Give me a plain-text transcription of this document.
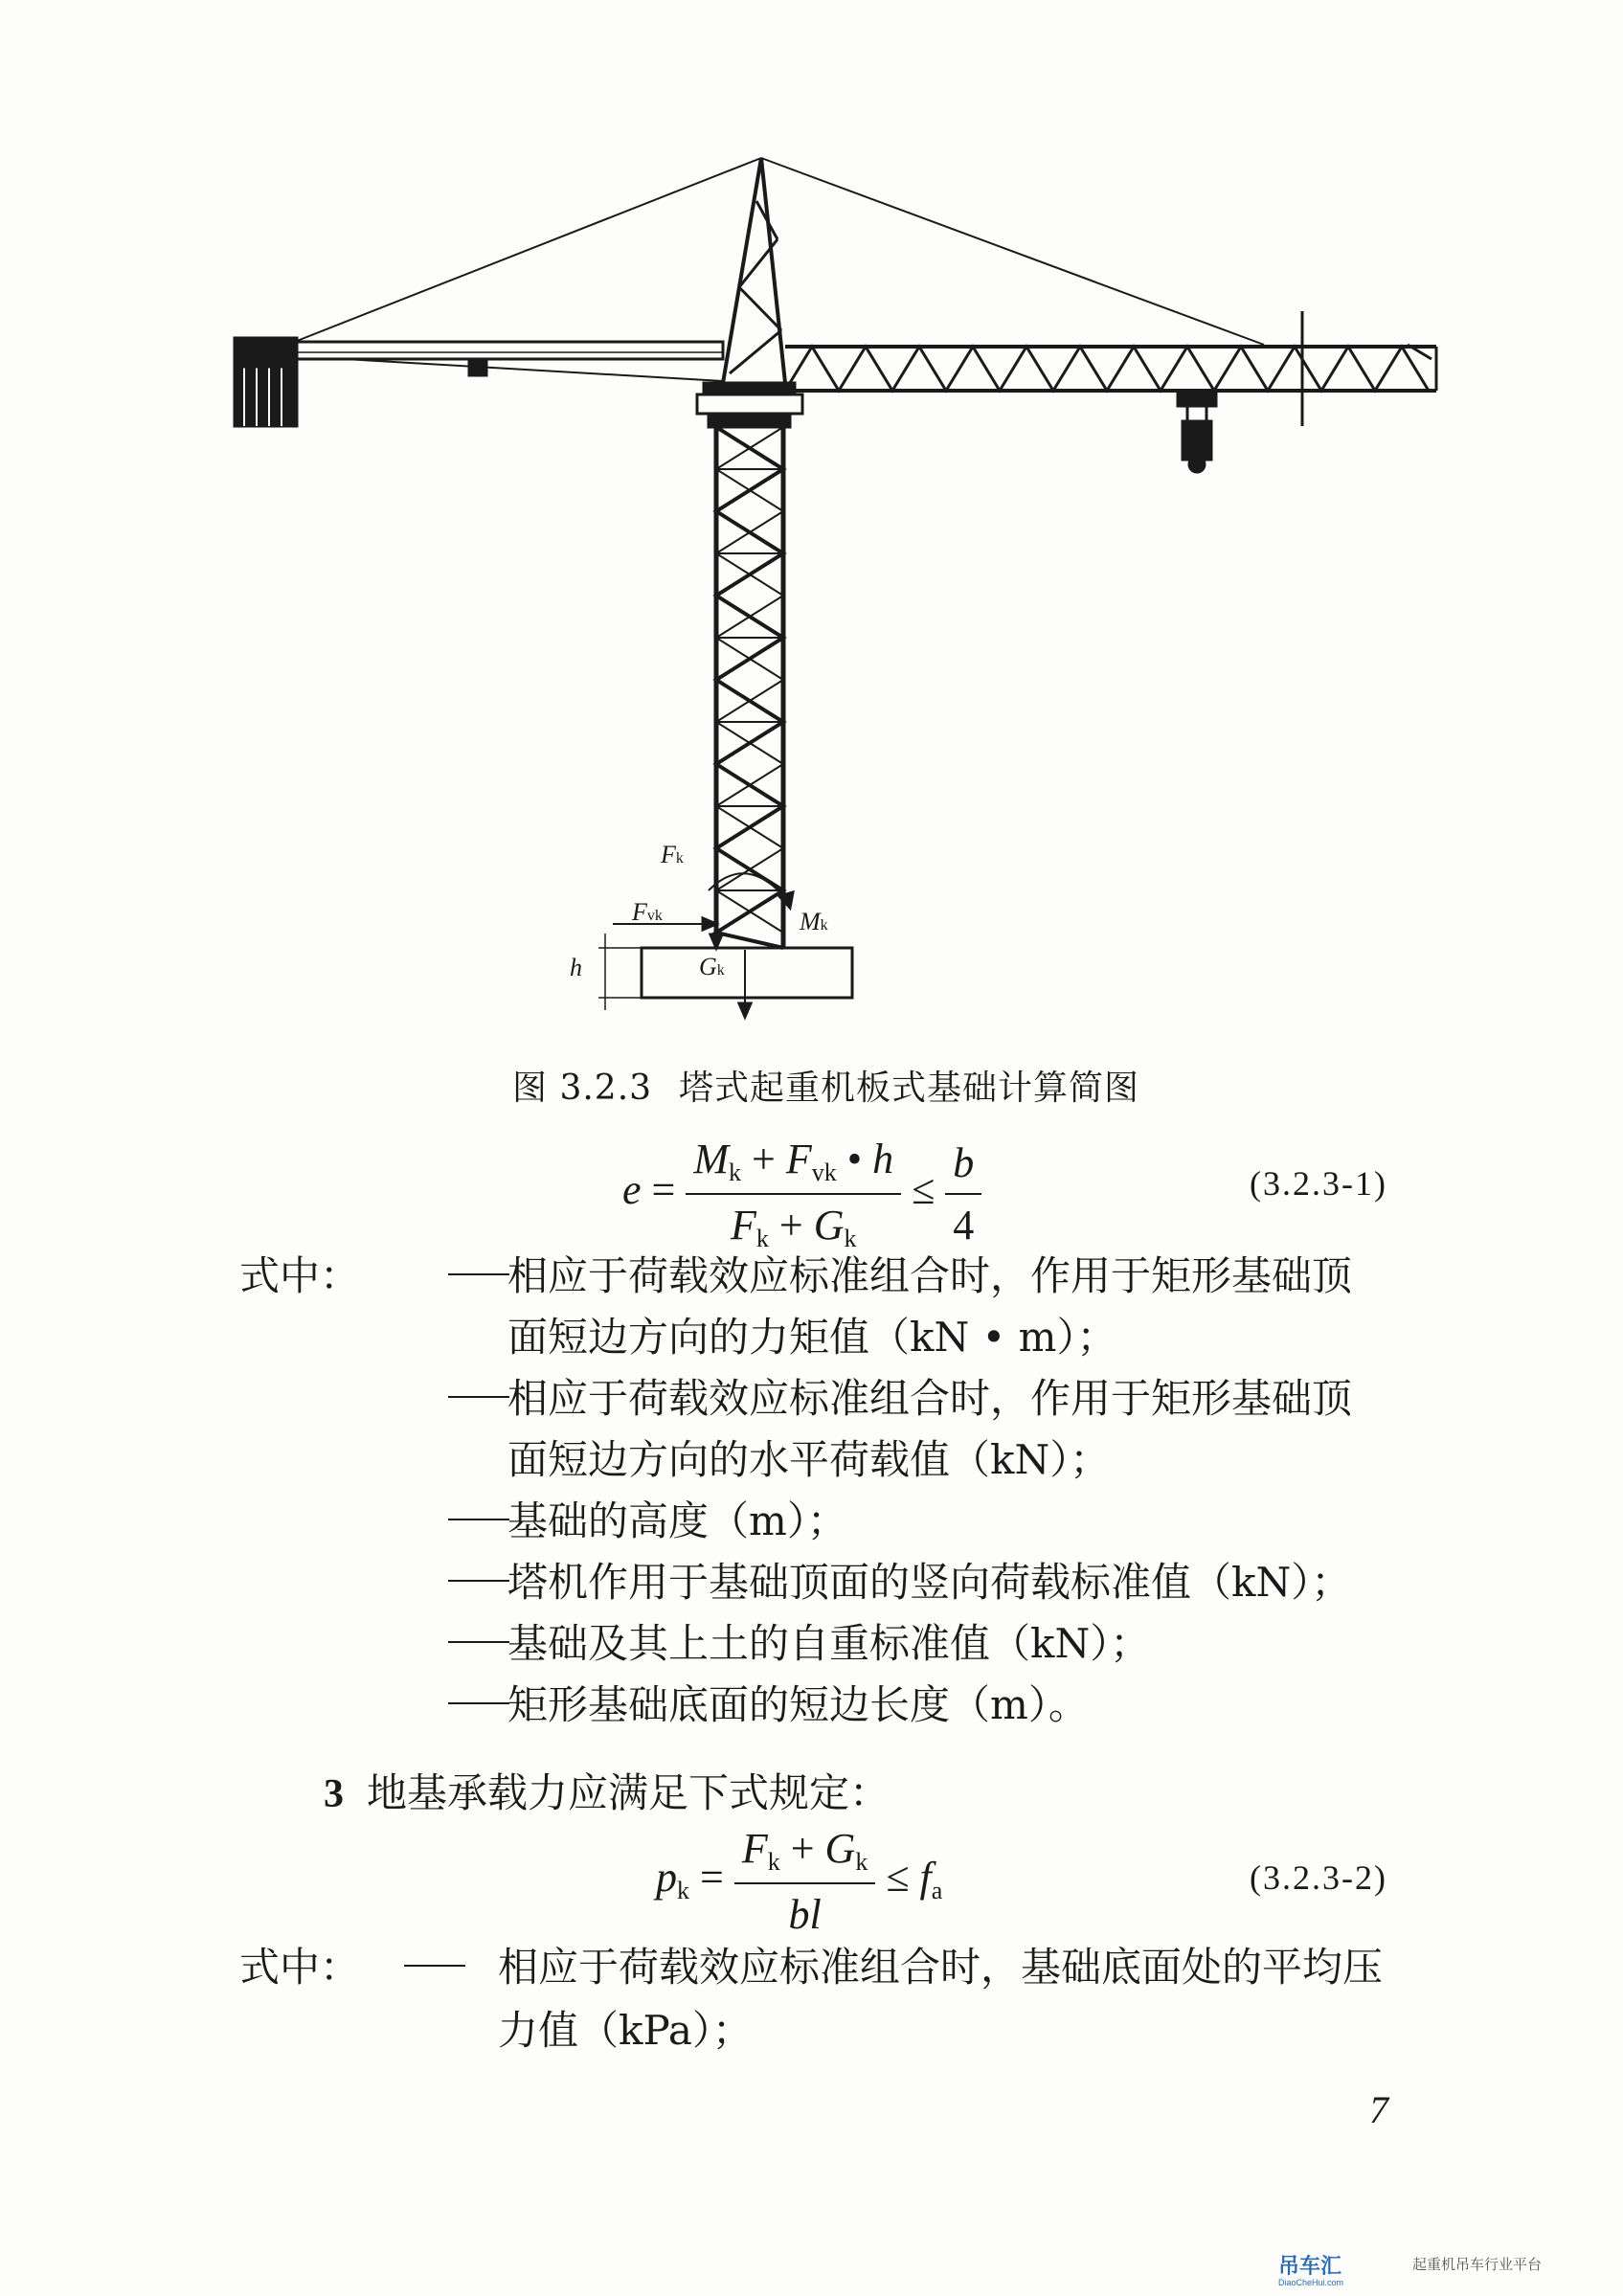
Fk
Fvk	Mk
Gk
h
图 3.2.3 塔式起重机板式基础计算简图
$e = \frac{M_k + F_{vk} • h}{F_k + G_k} \le \frac{b}{4}$	(3.2.3-1)
式中：	相应于荷载效应标准组合时，作用于矩形基础顶
面短边方向的力矩值（kN • m）；
相应于荷载效应标准组合时，作用于矩形基础顶
面短边方向的水平荷载值（kN）；
基础的高度（m）；
塔机作用于基础顶面的竖向荷载标准值（kN）；
基础及其上土的自重标准值（kN）；
矩形基础底面的短边长度（m）。
3 地基承载力应满足下式规定：
$p_k = \frac{F_k + G_k}{bl} \le f_a$	(3.2.3-2)
式中：	相应于荷载效应标准组合时，基础底面处的平均压
力值（kPa）；
7
吊车汇
DiaoCheHui.com
起重机吊车行业平台
